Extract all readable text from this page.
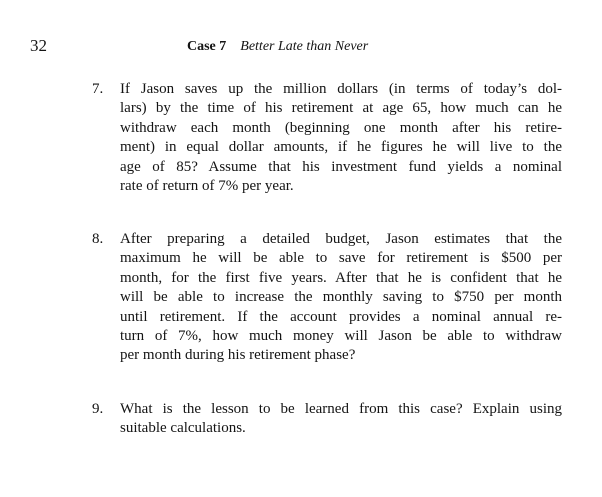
32	Case 7 Better Late than Never
7. If Jason saves up the million dollars (in terms of today’s dol-
lars) by the time of his retirement at age 65, how much can he
withdraw each month (beginning one month after his retire-
ment) in equal dollar amounts, if he figures he will live to the
age of 85? Assume that his investment fund yields a nominal
rate of return of 7% per year.
8. After preparing a detailed budget, Jason estimates that the
maximum he will be able to save for retirement is $500 per
month, for the first five years. After that he is confident that he
will be able to increase the monthly saving to $750 per month
until retirement. If the account provides a nominal annual re-
turn of 7%, how much money will Jason be able to withdraw
per month during his retirement phase?
9. What is the lesson to be learned from this case? Explain using
suitable calculations.
